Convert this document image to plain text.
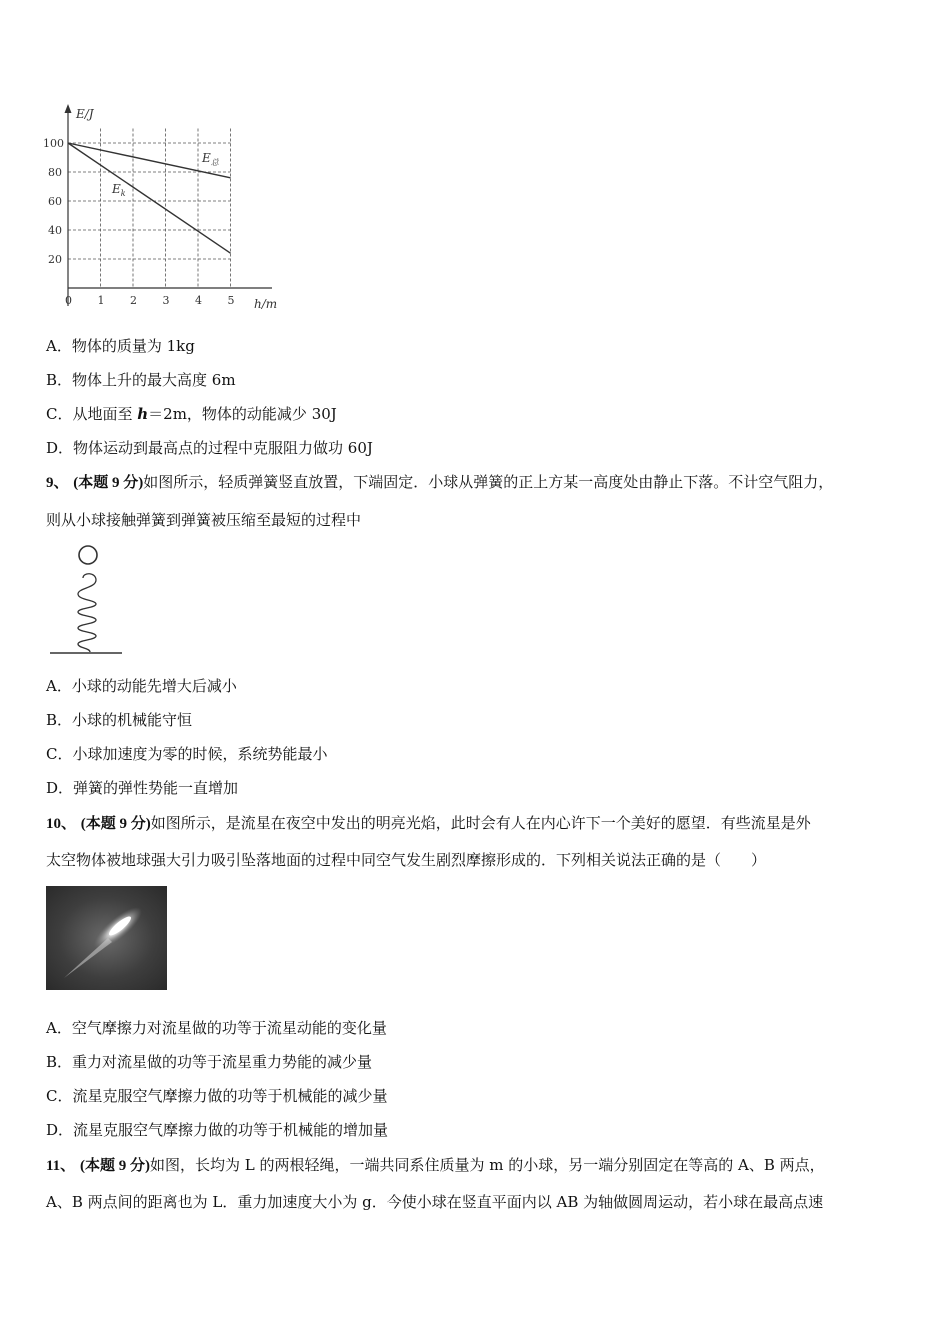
E/J
h/m
0 1 2 3 4 5
20
40
60
80
100
$E_总$
$E_k$
A．物体的质量为 1kg
B．物体上升的最大高度 6m
C．从地面至 h＝2m，物体的动能减少 30J
D．物体运动到最高点的过程中克服阻力做功 60J
9、 (本题 9 分)如图所示，轻质弹簧竖直放置，下端固定．小球从弹簧的正上方某一高度处由静止下落。不计空气阻力，
则从小球接触弹簧到弹簧被压缩至最短的过程中
A．小球的动能先增大后减小
B．小球的机械能守恒
C．小球加速度为零的时候，系统势能最小
D．弹簧的弹性势能一直增加
10、 (本题 9 分)如图所示，是流星在夜空中发出的明亮光焰，此时会有人在内心许下一个美好的愿望．有些流星是外
太空物体被地球强大引力吸引坠落地面的过程中同空气发生剧烈摩擦形成的．下列相关说法正确的是（　　）
A．空气摩擦力对流星做的功等于流星动能的变化量
B．重力对流星做的功等于流星重力势能的减少量
C．流星克服空气摩擦力做的功等于机械能的减少量
D．流星克服空气摩擦力做的功等于机械能的增加量
11、 (本题 9 分)如图，长均为 L 的两根轻绳，一端共同系住质量为 m 的小球，另一端分别固定在等高的 A、B 两点，
A、B 两点间的距离也为 L．重力加速度大小为 g．今使小球在竖直平面内以 AB 为轴做圆周运动，若小球在最高点速
